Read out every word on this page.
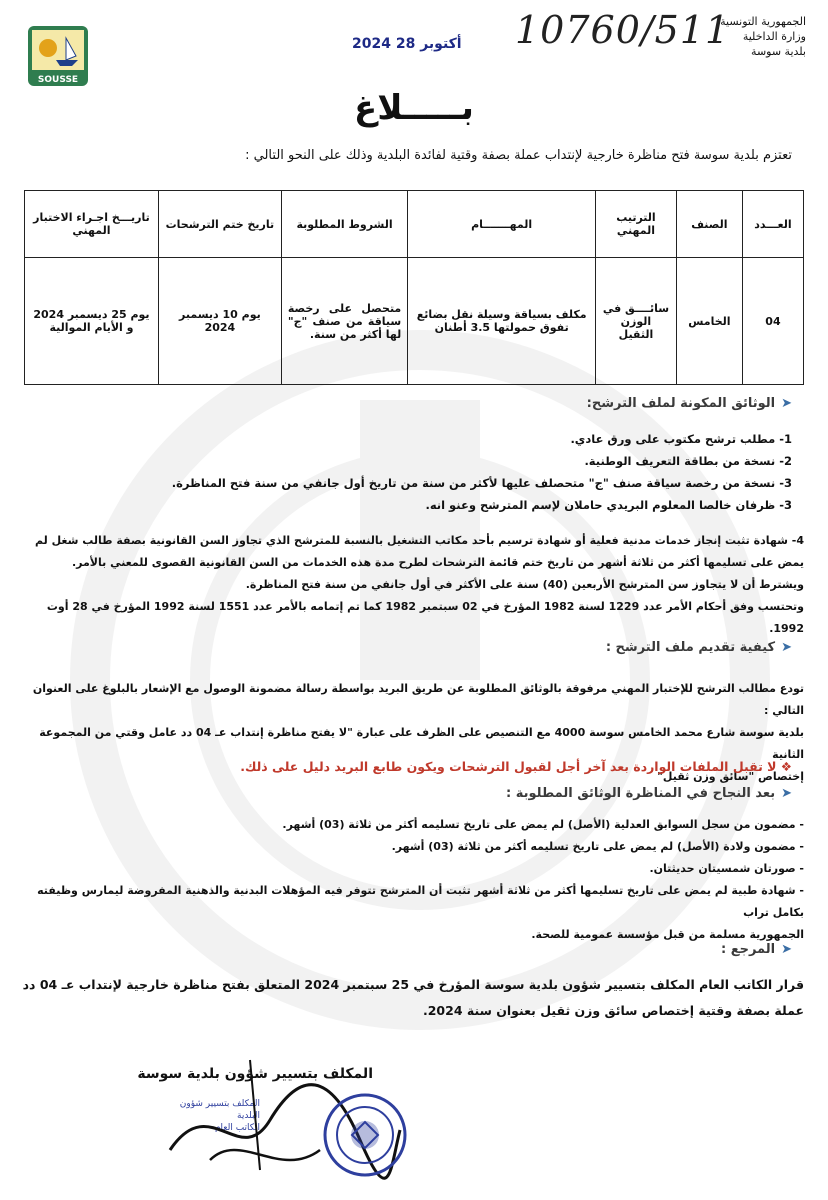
الجمهورية التونسية
وزارة الداخلية
بلدية سوسة
10760/511
2024 أكتوبر 28
SOUSSE
بـــــلاغ
تعتزم بلدية سوسة فتح مناظرة خارجية لإنتداب عملة بصفة وقتية لفائدة البلدية وذلك على النحو التالي :
العـــدد	الصنف	الترتيب المهني	المهـــــــام	الشروط المطلوبة	تاريخ ختم الترشحات	تاريـــخ اجـراء الاختبار المهني
04	الخامس	سائــــق في الوزن الثقيل	مكلف بسياقة وسيلة نقل بضائع تفوق حمولتها 3.5 أطنان	متحصل على رخصة سياقة من صنف "ج" لها أكثر من سنة.	يوم 10 ديسمبر 2024	يوم 25 ديسمبر 2024 و الأيام الموالية
➤الوثائق المكونة لملف الترشح:
1- مطلب ترشح مكتوب على ورق عادي.
2- نسخة من بطاقة التعريف الوطنية.
3- نسخة من رخصة سياقة صنف "ج" متحصلف عليها لأكثر من سنة من تاريخ أول جانفي من سنة فتح المناظرة.
3- ظرفان خالصا المعلوم البريدي حاملان لإسم المترشح وعنو انه.
4- شهادة تثبت إنجاز خدمات مدنية فعلية أو شهادة ترسيم بأحد مكاتب التشغيل بالنسبة للمترشح الذي تجاوز السن القانونية بصفة طالب شغل لم
يمض على تسليمها أكثر من ثلاثة أشهر من تاريخ ختم قائمة الترشحات لطرح مدة هذه الخدمات من السن القانونية القصوى للمعني بالأمر.
ويشترط أن لا يتجاوز سن المترشح الأربعين (40) سنة على الأكثر في أول جانفي من سنة فتح المناظرة.
وتحتسب وفق أحكام الأمر عدد 1229 لسنة 1982 المؤرخ في 02 سبتمبر 1982 كما تم إتمامه بالأمر عدد 1551 لسنة 1992 المؤرخ في 28 أوت 1992.
➤كيفية تقديم ملف الترشح :
تودع مطالب الترشح للإختبار المهني مرفوقة بالوثائق المطلوبة عن طريق البريد بواسطة رسالة مضمونة الوصول مع الإشعار بالبلوغ على العنوان التالي :
بلدية سوسة شارع محمد الخامس سوسة 4000 مع التنصيص على الظرف على عبارة "لا يفتح مناظرة إنتداب عـ 04 دد عامل وقتي من المجموعة الثانية
إختصاص "سائق وزن ثقيل"
❖ لا تقبل الملفات الواردة بعد آخر أجل لقبول الترشحات ويكون طابع البريد دليل على ذلك.
➤بعد النجاح في المناظرة الوثائق المطلوبة :
- مضمون من سجل السوابق العدلية (الأصل) لم يمض على تاريخ تسليمه أكثر من ثلاثة (03) أشهر.
- مضمون ولادة (الأصل) لم يمض على تاريخ تسليمه أكثر من ثلاثة (03) أشهر.
- صورتان شمسيتان حديثتان.
- شهادة طبية لم يمض على تاريخ تسليمها أكثر من ثلاثة أشهر تثبت أن المترشح تتوفر فيه المؤهلات البدنية والذهنية المفروضة ليمارس وظيفته بكامل تراب
الجمهورية مسلمة من قبل مؤسسة عمومية للصحة.
➤المرجع :
قرار الكاتب العام المكلف بتسيير شؤون بلدية سوسة المؤرخ في 25 سبتمبر 2024 المتعلق بفتح مناظرة خارجية لإنتداب عـ 04 دد
عملة بصفة وقتية إختصاص سائق وزن ثقيل بعنوان سنة 2024.
المكلف بتسيير شؤون بلدية سوسة
المكلف بتسيير شؤون البلدية
الكاتب العام
